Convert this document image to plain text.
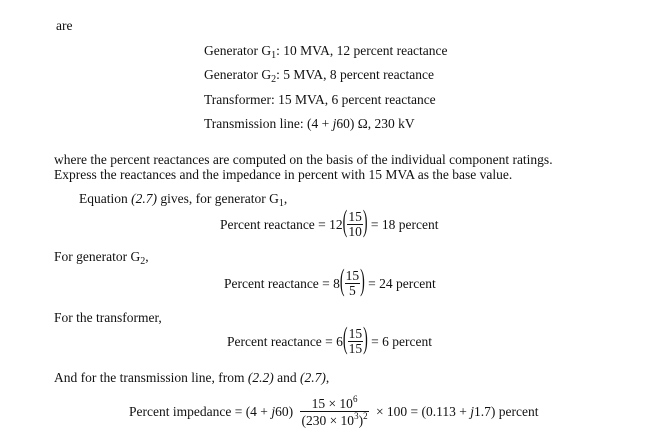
are
Generator $G_1$: 10 MVA, 12 percent reactance
Generator $G_2$: 5 MVA, 8 percent reactance
Transformer: 15 MVA, 6 percent reactance
Transmission line: (4 + j60) Ω, 230 kV
where the percent reactances are computed on the basis of the individual component ratings.
Express the reactances and the impedance in percent with 15 MVA as the base value.
Equation (2.7) gives, for generator $G_1$,
Percent reactance = $12( \frac{15}{10}$ ) = 18 percent
For generator $G_2$,
Percent reactance = $8( \frac{15}{5}$ ) = 24 percent
For the transformer,
Percent reactance = $6( \frac{15}{15}$ ) = 6 percent
And for the transmission line, from (2.2) and (2.7),
Percent impedance = $(4 + j60) \frac{15 \times 10^6}{(230 \times 10^3)^2} \times 100 = (0.113 + j1.7)$ percent
